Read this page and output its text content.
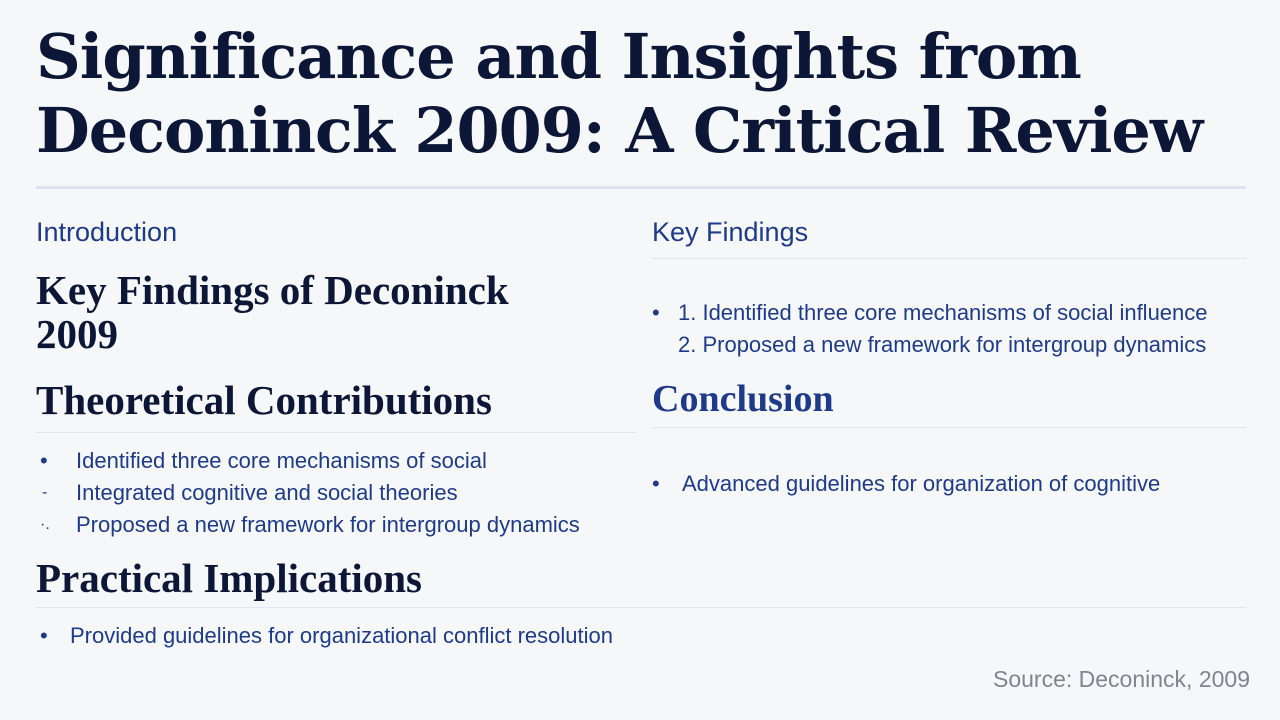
Significance and Insights from Deconinck 2009: A Critical Review
Introduction
Key Findings of Deconinck 2009
Theoretical Contributions
• Identified three core mechanisms of social
- Integrated cognitive and social theories
·. Proposed a new framework for intergroup dynamics
Practical Implications
• Provided guidelines for organizational conflict resolution
Key Findings
• 1. Identified three core mechanisms of social influence
2. Proposed a new framework for intergroup dynamics
Conclusion
• Advanced guidelines for organization of cognitive
Source: Deconinck, 2009
